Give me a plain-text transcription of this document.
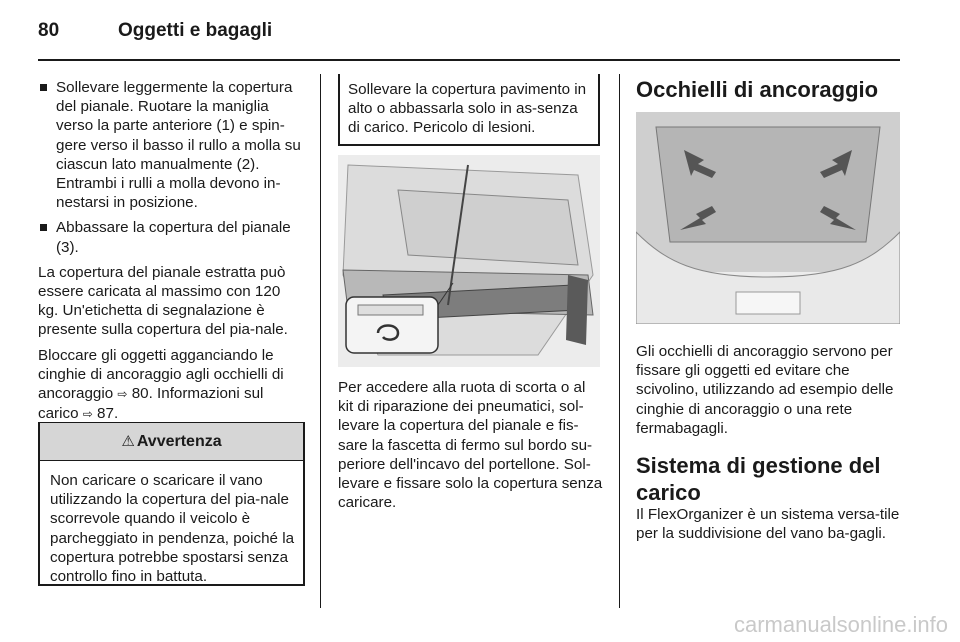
80	Oggetti e bagagli
Sollevare leggermente la copertura del pianale. Ruotare la maniglia verso la parte anteriore (1) e spin-gere verso il basso il rullo a molla su ciascun lato manualmente (2). Entrambi i rulli a molla devono in-nestarsi in posizione.
Abbassare la copertura del pianale (3).

La copertura del pianale estratta può essere caricata al massimo con 120 kg. Un'etichetta di segnalazione è presente sulla copertura del pia-nale.

Bloccare gli oggetti agganciando le cinghie di ancoraggio agli occhielli di ancoraggio ⇨ 80. Informazioni sul carico ⇨ 87.

⚠ Avvertenza
Non caricare o scaricare il vano utilizzando la copertura del pia-nale scorrevole quando il veicolo è parcheggiato in pendenza, poiché la copertura potrebbe spostarsi senza controllo fino in battuta.
Sollevare la copertura pavimento in alto o abbassarla solo in as-senza di carico. Pericolo di lesioni.

Per accedere alla ruota di scorta o al kit di riparazione dei pneumatici, sol-levare la copertura del pianale e fis-sare la fascetta di fermo sul bordo su-periore dell'incavo del portellone. Sol-levare e fissare solo la copertura senza caricare.

Occhielli di ancoraggio

Gli occhielli di ancoraggio servono per fissare gli oggetti ed evitare che scivolino, utilizzando ad esempio delle cinghie di ancoraggio o una rete fermabagagli.

Sistema di gestione del carico

Il FlexOrganizer è un sistema versa-tile per la suddivisione del vano ba-gagli.

carmanualsonline.info
